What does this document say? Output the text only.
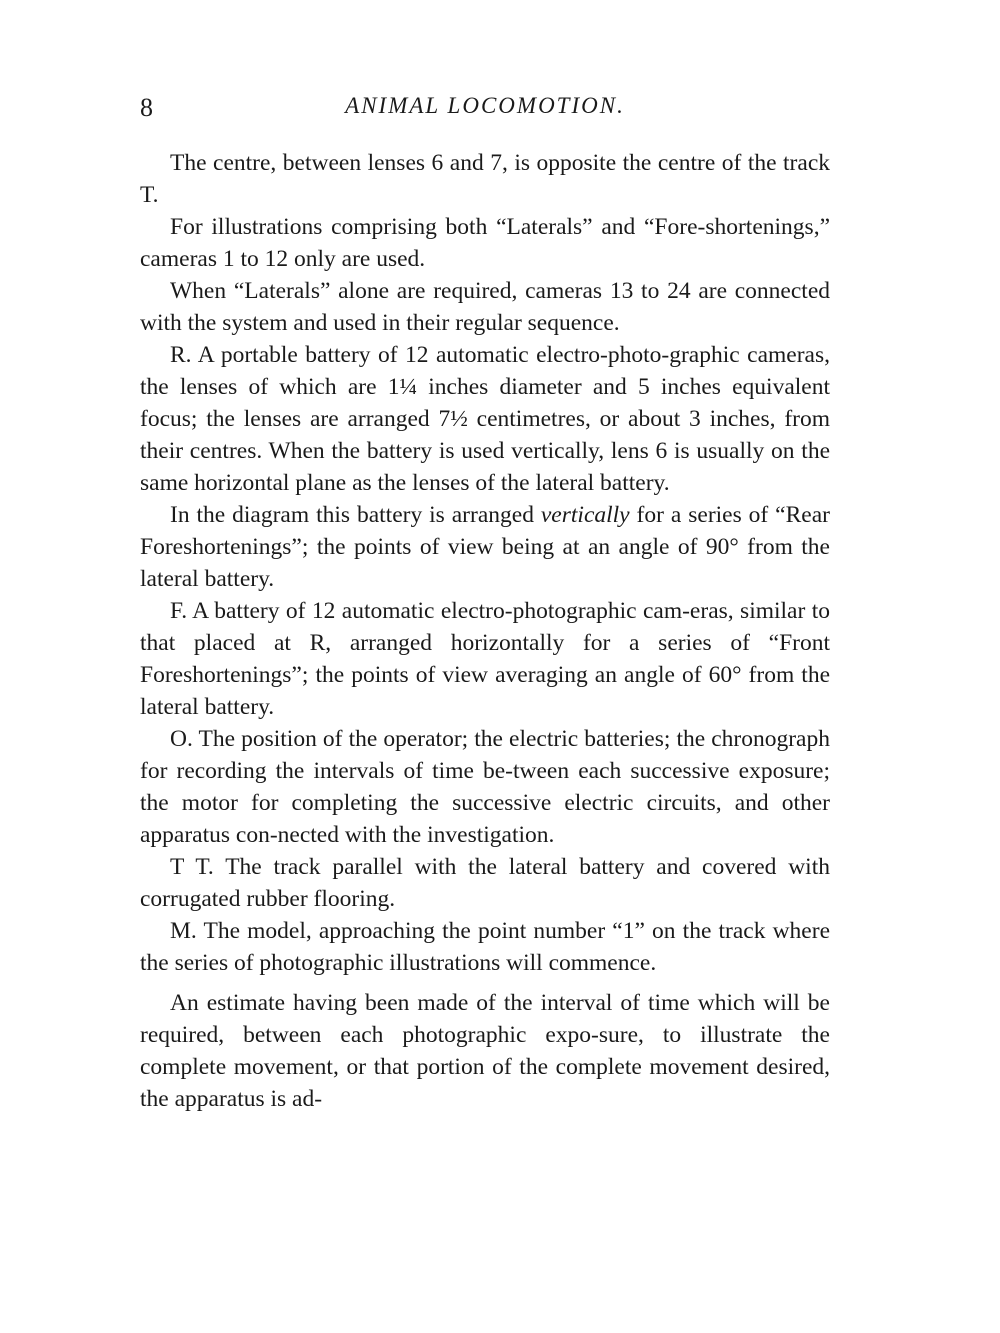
8	ANIMAL LOCOMOTION.

The centre, between lenses 6 and 7, is opposite the centre of the track T.

For illustrations comprising both “Laterals” and “Fore-shortenings,” cameras 1 to 12 only are used.

When “Laterals” alone are required, cameras 13 to 24 are connected with the system and used in their regular sequence.

R. A portable battery of 12 automatic electro-photo-graphic cameras, the lenses of which are 1¼ inches diameter and 5 inches equivalent focus; the lenses are arranged 7½ centimetres, or about 3 inches, from their centres. When the battery is used vertically, lens 6 is usually on the same horizontal plane as the lenses of the lateral battery.

In the diagram this battery is arranged vertically for a series of “Rear Foreshortenings”; the points of view being at an angle of 90° from the lateral battery.

F. A battery of 12 automatic electro-photographic cam-eras, similar to that placed at R, arranged horizontally for a series of “Front Foreshortenings”; the points of view averaging an angle of 60° from the lateral battery.

O. The position of the operator; the electric batteries; the chronograph for recording the intervals of time be-tween each successive exposure; the motor for completing the successive electric circuits, and other apparatus con-nected with the investigation.

T T. The track parallel with the lateral battery and covered with corrugated rubber flooring.

M. The model, approaching the point number “1” on the track where the series of photographic illustrations will commence.

An estimate having been made of the interval of time which will be required, between each photographic expo-sure, to illustrate the complete movement, or that portion of the complete movement desired, the apparatus is ad-
